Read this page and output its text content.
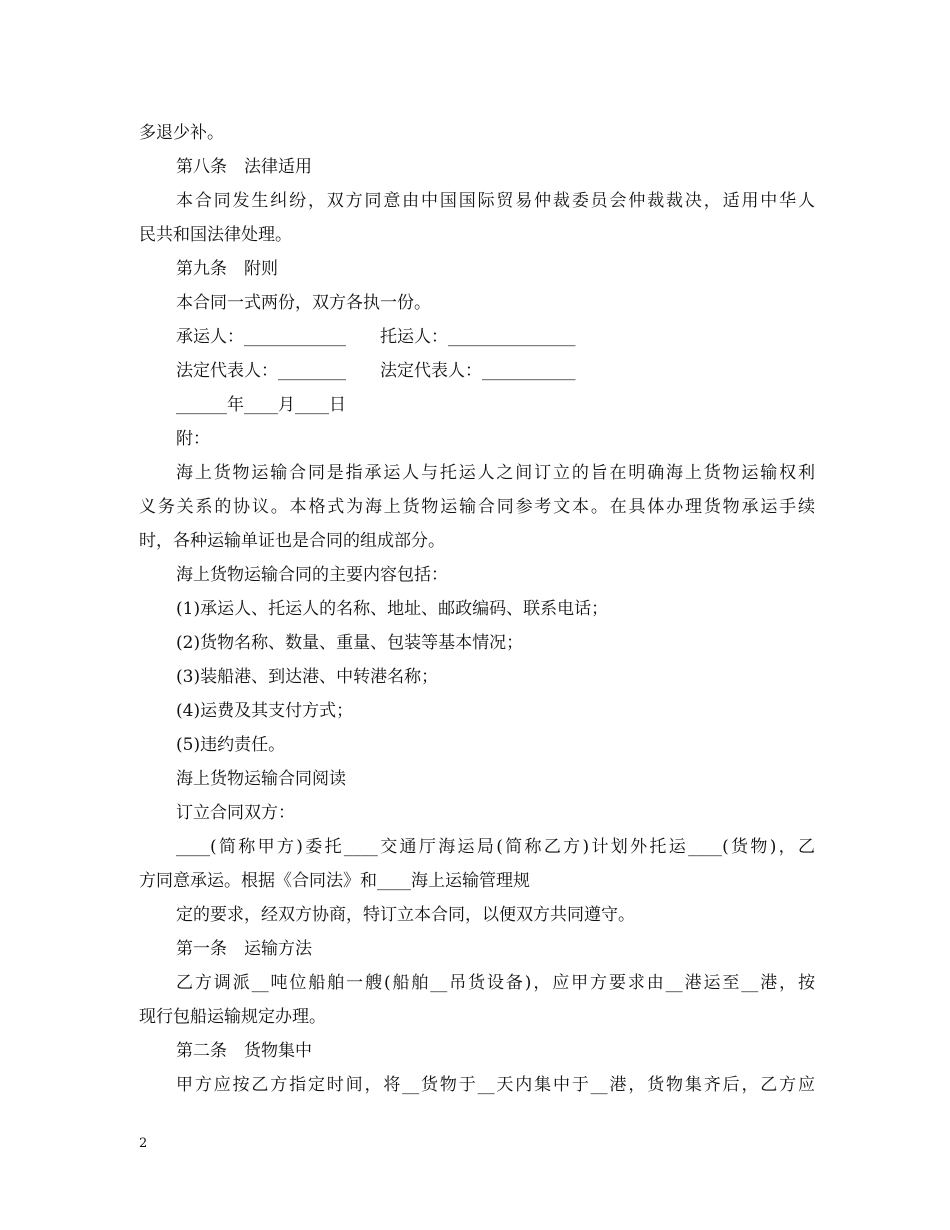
多退少补。
第八条　法律适用
本合同发生纠纷，双方同意由中国国际贸易仲裁委员会仲裁裁决，适用中华人
民共和国法律处理。
第九条　附则
本合同一式两份，双方各执一份。
承运人：____________　　托运人：_______________
法定代表人：________　　法定代表人：___________
______年____月____日
附：
海上货物运输合同是指承运人与托运人之间订立的旨在明确海上货物运输权利
义务关系的协议。本格式为海上货物运输合同参考文本。在具体办理货物承运手续
时，各种运输单证也是合同的组成部分。
海上货物运输合同的主要内容包括：
(1)承运人、托运人的名称、地址、邮政编码、联系电话；
(2)货物名称、数量、重量、包装等基本情况；
(3)装船港、到达港、中转港名称；
(4)运费及其支付方式；
(5)违约责任。
海上货物运输合同阅读
订立合同双方：
____(简称甲方)委托____交通厅海运局(简称乙方)计划外托运____(货物)，乙
方同意承运。根据《合同法》和____海上运输管理规
定的要求，经双方协商，特订立本合同，以便双方共同遵守。
第一条　运输方法
乙方调派__吨位船舶一艘(船舶__吊货设备)，应甲方要求由__港运至__港，按
现行包船运输规定办理。
第二条　货物集中
甲方应按乙方指定时间，将__货物于__天内集中于__港，货物集齐后，乙方应
2
